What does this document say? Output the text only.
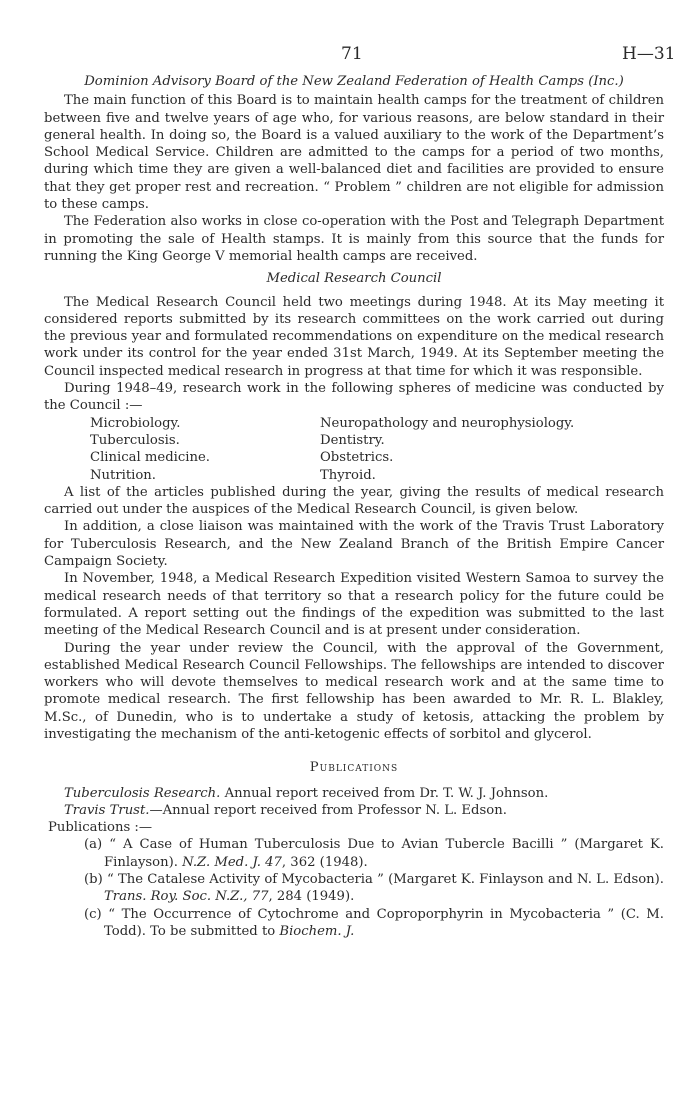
71	H—31

Dominion Advisory Board of the New Zealand Federation of Health Camps (Inc.)

The main function of this Board is to maintain health camps for the treatment of children between five and twelve years of age who, for various reasons, are below standard in their general health. In doing so, the Board is a valued auxiliary to the work of the Department’s School Medical Service. Children are admitted to the camps for a period of two months, during which time they are given a well-balanced diet and facilities are provided to ensure that they get proper rest and recreation. “ Problem ” children are not eligible for admission to these camps.

The Federation also works in close co-operation with the Post and Telegraph Department in promoting the sale of Health stamps. It is mainly from this source that the funds for running the King George V memorial health camps are received.

Medical Research Council

The Medical Research Council held two meetings during 1948. At its May meeting it considered reports submitted by its research committees on the work carried out during the previous year and formulated recommendations on expenditure on the medical research work under its control for the year ended 31st March, 1949. At its September meeting the Council inspected medical research in progress at that time for which it was responsible.

During 1948–49, research work in the following spheres of medicine was conducted by the Council :—

Microbiology.	Neuropathology and neurophysiology.
Tuberculosis.	Dentistry.
Clinical medicine.	Obstetrics.
Nutrition.	Thyroid.

A list of the articles published during the year, giving the results of medical research carried out under the auspices of the Medical Research Council, is given below.

In addition, a close liaison was maintained with the work of the Travis Trust Laboratory for Tuberculosis Research, and the New Zealand Branch of the British Empire Cancer Campaign Society.

In November, 1948, a Medical Research Expedition visited Western Samoa to survey the medical research needs of that territory so that a research policy for the future could be formulated. A report setting out the findings of the expedition was submitted to the last meeting of the Medical Research Council and is at present under consideration.

During the year under review the Council, with the approval of the Government, established Medical Research Council Fellowships. The fellowships are intended to discover workers who will devote themselves to medical research work and at the same time to promote medical research. The first fellowship has been awarded to Mr. R. L. Blakley, M.Sc., of Dunedin, who is to undertake a study of ketosis, attacking the problem by investigating the mechanism of the anti-ketogenic effects of sorbitol and glycerol.

Publications

Tuberculosis Research. Annual report received from Dr. T. W. J. Johnson.

Travis Trust.—Annual report received from Professor N. L. Edson.

Publications :—

(a) “ A Case of Human Tuberculosis Due to Avian Tubercle Bacilli ” (Margaret K. Finlayson). N.Z. Med. J. 47, 362 (1948).

(b) “ The Catalese Activity of Mycobacteria ” (Margaret K. Finlayson and N. L. Edson). Trans. Roy. Soc. N.Z., 77, 284 (1949).

(c) “ The Occurrence of Cytochrome and Coproporphyrin in Mycobacteria ” (C. M. Todd). To be submitted to Biochem. J.
